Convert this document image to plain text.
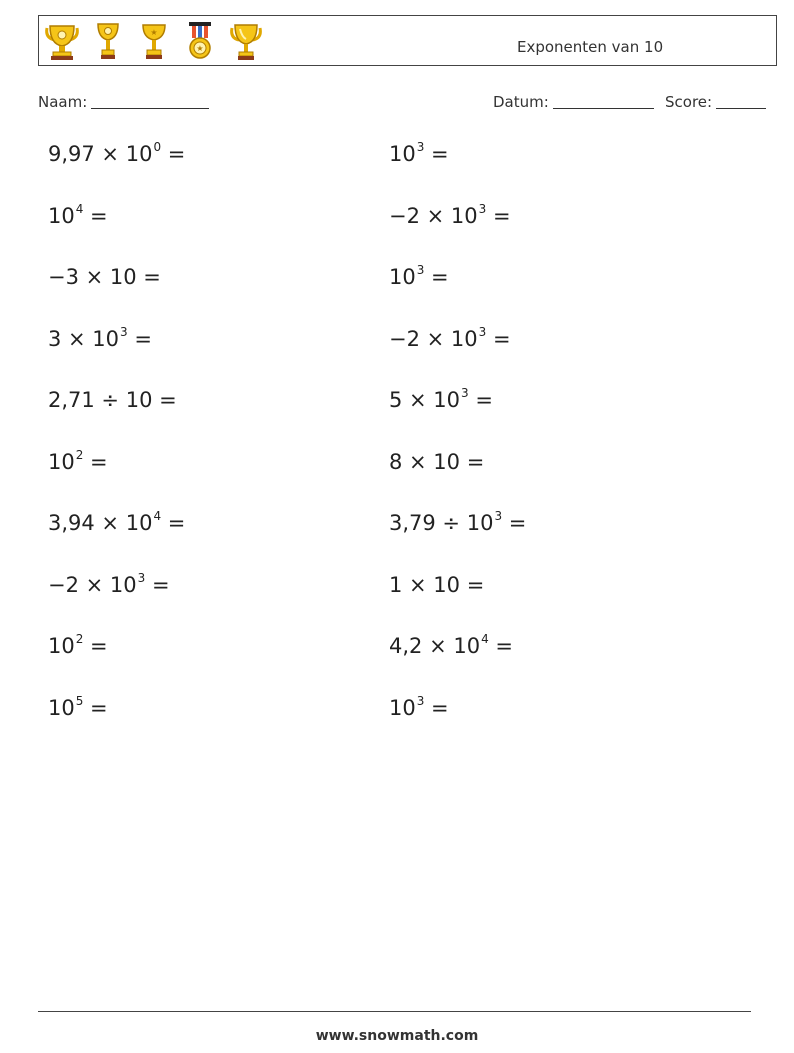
★
★	Exponenten van 10
Naam:	Datum:	Score:
$9,97 \times 10^0$ =	$10^3$ =
$10^4$ =	$-2 \times 10^3$ =
−3 × 10 =	$10^3$ =
$3 \times 10^3$ =	$-2 \times 10^3$ =
2,71 ÷ 10 =	$5 \times 10^3$ =
$10^2$ =	8 × 10 =
$3,94 \times 10^4$ =	$3,79 \div 10^3$ =
$-2 \times 10^3$ =	1 × 10 =
$10^2$ =	$4,2 \times 10^4$ =
$10^5$ =	$10^3$ =
www.snowmath.com
